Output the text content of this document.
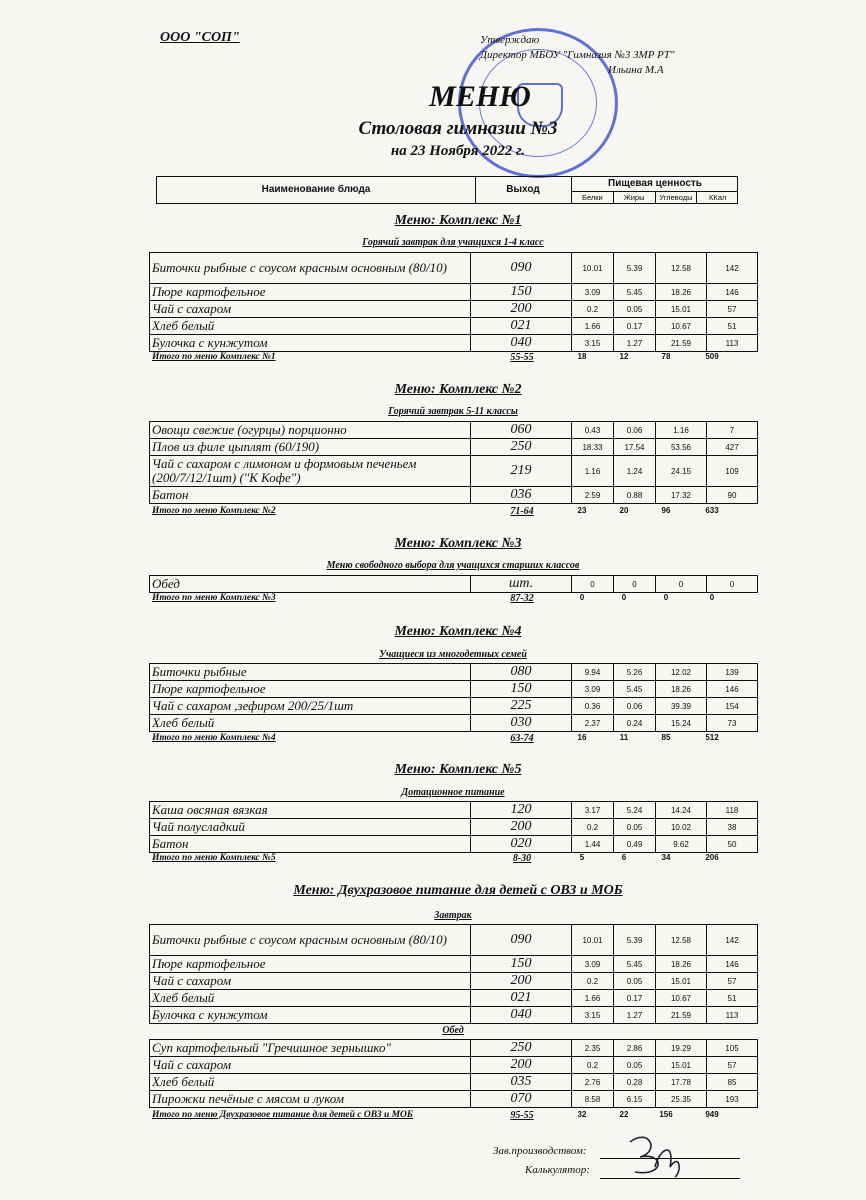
ООО "СОП"	Утверждаю
Директор МБОУ "Гимназия №3 ЗМР РТ"
Ильина М.А
МЕНЮ
Столовая гимназии №3
на 23 Ноября 2022 г.
Наименование блюда	Выход
Пищевая ценность
Белки	Жиры	Углеводы	ККал
Меню: Комплекс №1
Горячий завтрак для учащихся 1-4 класс
Биточки рыбные с соусом красным основным (80/10)	090	10.01	5.39	12.58	142
Пюре картофельное	150	3.09	5.45	18.26	146
Чай с сахаром	200	0.2	0.05	15.01	57
Хлеб белый	021	1.66	0.17	10.67	51
Булочка с кунжутом	040	3.15	1.27	21.59	113
Итого по меню Комплекс №1	55-55	18	12	78	509
Меню: Комплекс №2
Горячий завтрак 5-11 классы
Овощи свежие (огурцы) порционно	060	0.43	0.06	1.16	7
Плов из филе цыплят (60/190)	250	18.33	17.54	53.56	427
Чай с сахаром с лимоном и формовым печеньем (200/7/12/1шт) ("К Кофе")	219	1.16	1.24	24.15	109
Батон	036	2.59	0.88	17.32	90
Итого по меню Комплекс №2	71-64	23	20	96	633
Меню: Комплекс №3
Меню свободного выбора для учащихся старших классов
Обед	шт.	0	0	0	0
Итого по меню Комплекс №3	87-32	0	0	0	0
Меню: Комплекс №4
Учащиеся из многодетных семей
Биточки рыбные	080	9.94	5.26	12.02	139
Пюре картофельное	150	3.09	5.45	18.26	146
Чай с сахаром ,зефиром 200/25/1шт	225	0.36	0.06	39.39	154
Хлеб белый	030	2.37	0.24	15.24	73
Итого по меню Комплекс №4	63-74	16	11	85	512
Меню: Комплекс №5
Дотационное питание
Каша овсяная вязкая	120	3.17	5.24	14.24	118
Чай полусладкий	200	0.2	0.05	10.02	38
Батон	020	1.44	0.49	9.62	50
Итого по меню Комплекс №5	8-30	5	6	34	206
Меню: Двухразовое питание для детей с ОВЗ и МОБ
Завтрак
Биточки рыбные с соусом красным основным (80/10)	090	10.01	5.39	12.58	142
Пюре картофельное	150	3.09	5.45	18.26	146
Чай с сахаром	200	0.2	0.05	15.01	57
Хлеб белый	021	1.66	0.17	10.67	51
Булочка с кунжутом	040	3.15	1.27	21.59	113
Обед
Суп картофельный "Гречишное зернышко"	250	2.35	2.86	19.29	105
Чай с сахаром	200	0.2	0.05	15.01	57
Хлеб белый	035	2.76	0.28	17.78	85
Пирожки печёные с мясом и луком	070	8.58	6.15	25.35	193
Итого по меню Двухразовое питание для детей с ОВЗ и МОБ	95-55	32	22	156	949
Зав.производством:
Калькулятор:
